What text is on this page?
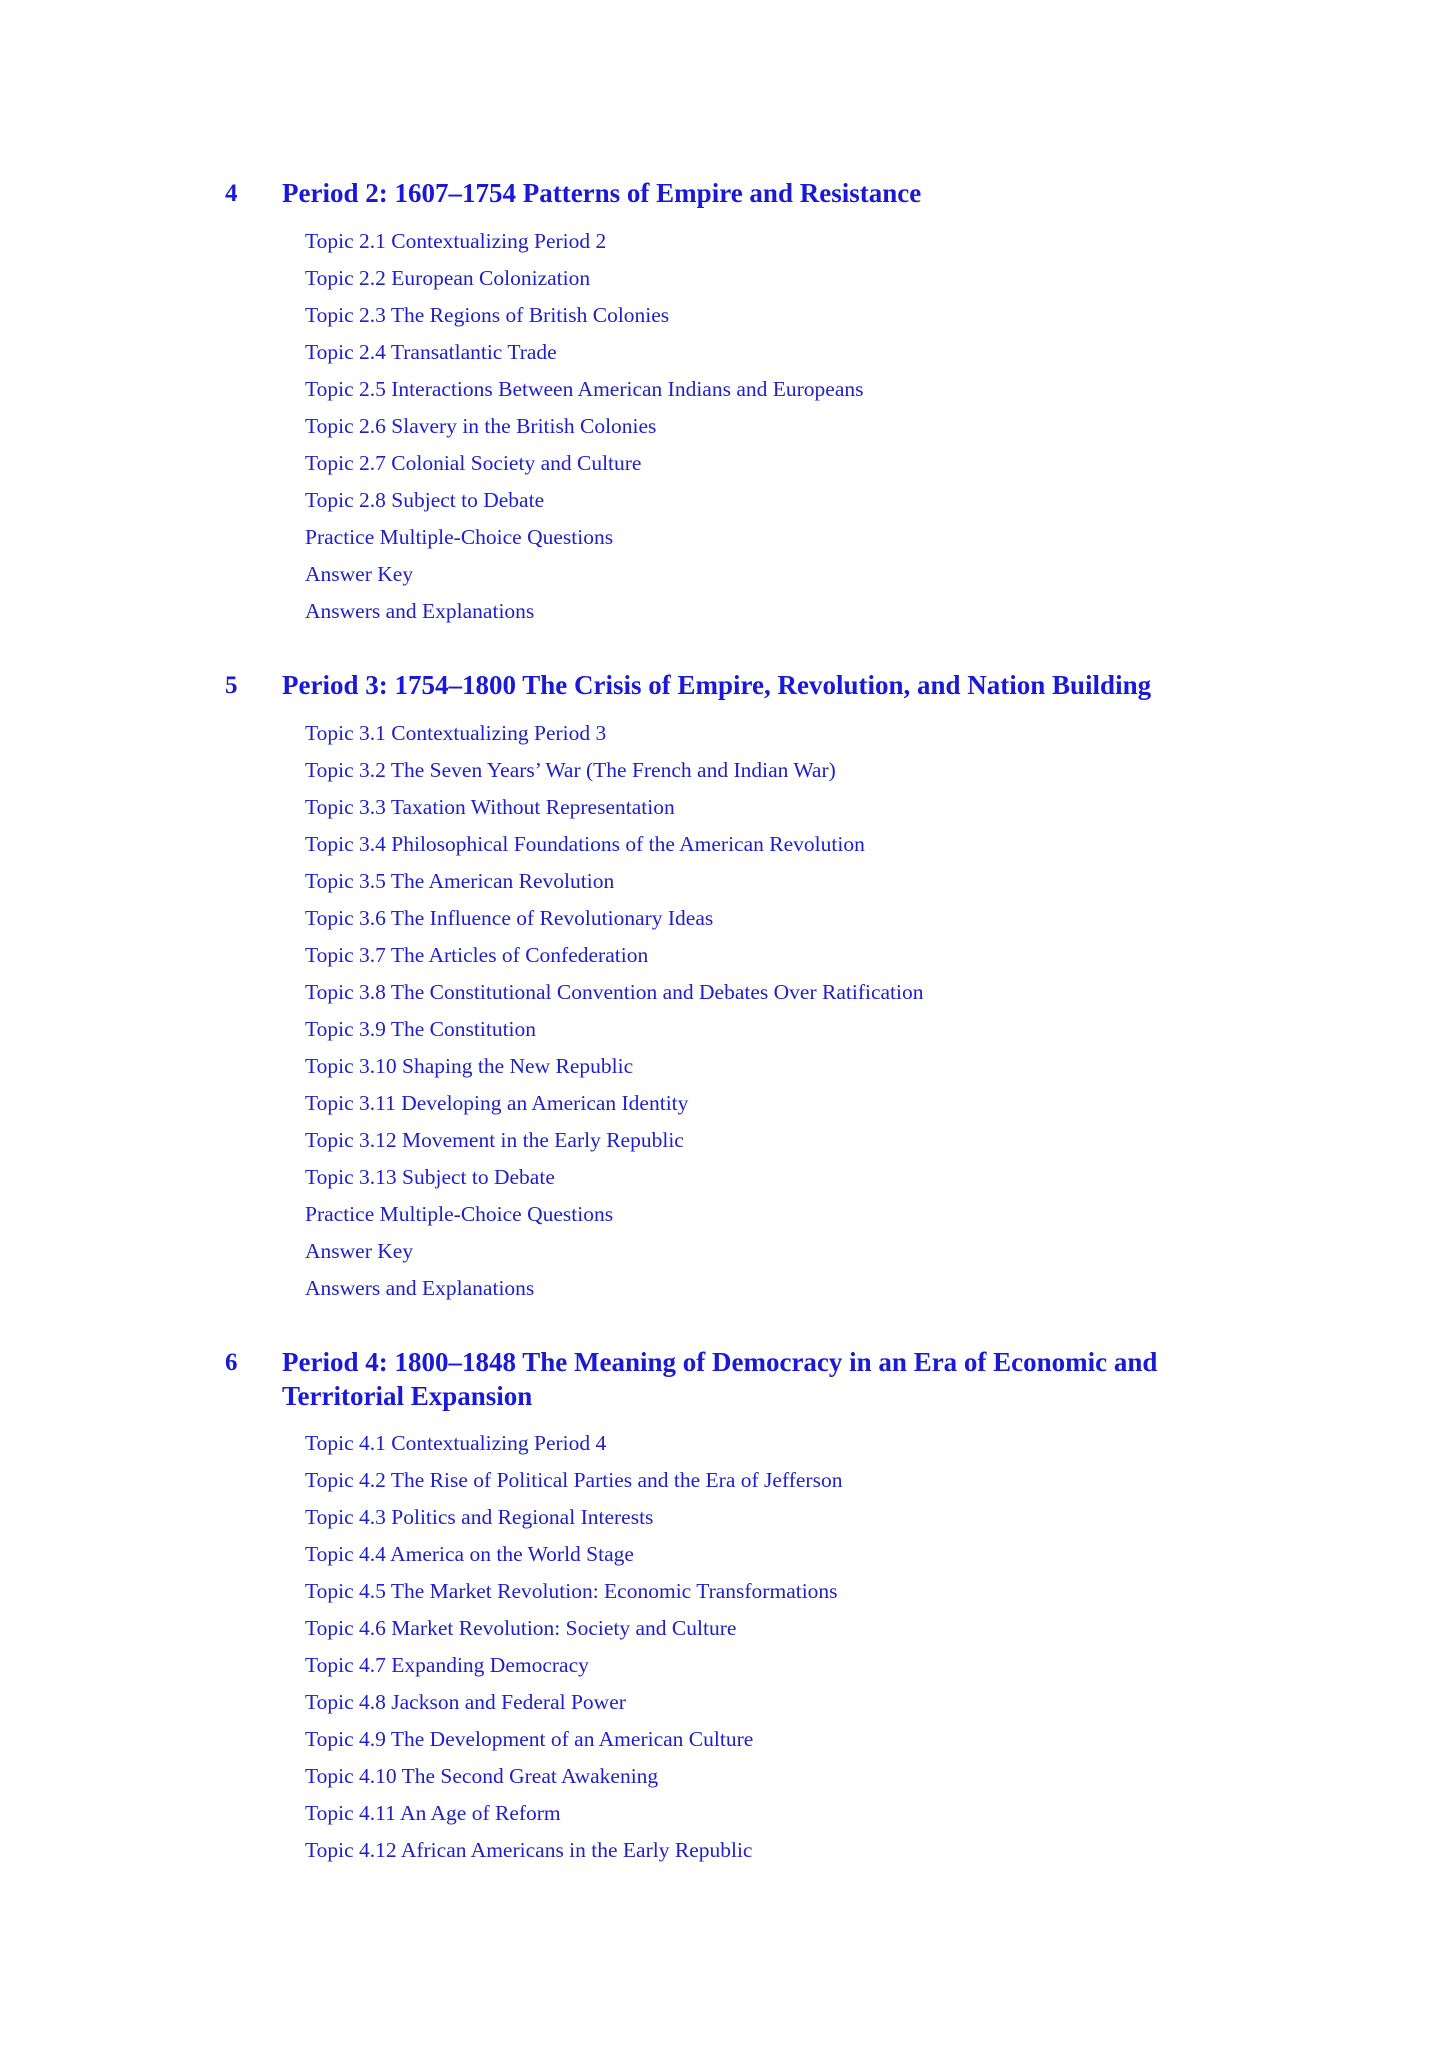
4 Period 2: 1607–1754 Patterns of Empire and Resistance
Topic 2.1 Contextualizing Period 2
Topic 2.2 European Colonization
Topic 2.3 The Regions of British Colonies
Topic 2.4 Transatlantic Trade
Topic 2.5 Interactions Between American Indians and Europeans
Topic 2.6 Slavery in the British Colonies
Topic 2.7 Colonial Society and Culture
Topic 2.8 Subject to Debate
Practice Multiple-Choice Questions
Answer Key
Answers and Explanations
5 Period 3: 1754–1800 The Crisis of Empire, Revolution, and Nation Building
Topic 3.1 Contextualizing Period 3
Topic 3.2 The Seven Years’ War (The French and Indian War)
Topic 3.3 Taxation Without Representation
Topic 3.4 Philosophical Foundations of the American Revolution
Topic 3.5 The American Revolution
Topic 3.6 The Influence of Revolutionary Ideas
Topic 3.7 The Articles of Confederation
Topic 3.8 The Constitutional Convention and Debates Over Ratification
Topic 3.9 The Constitution
Topic 3.10 Shaping the New Republic
Topic 3.11 Developing an American Identity
Topic 3.12 Movement in the Early Republic
Topic 3.13 Subject to Debate
Practice Multiple-Choice Questions
Answer Key
Answers and Explanations
6 Period 4: 1800–1848 The Meaning of Democracy in an Era of Economic and Territorial Expansion
Topic 4.1 Contextualizing Period 4
Topic 4.2 The Rise of Political Parties and the Era of Jefferson
Topic 4.3 Politics and Regional Interests
Topic 4.4 America on the World Stage
Topic 4.5 The Market Revolution: Economic Transformations
Topic 4.6 Market Revolution: Society and Culture
Topic 4.7 Expanding Democracy
Topic 4.8 Jackson and Federal Power
Topic 4.9 The Development of an American Culture
Topic 4.10 The Second Great Awakening
Topic 4.11 An Age of Reform
Topic 4.12 African Americans in the Early Republic
